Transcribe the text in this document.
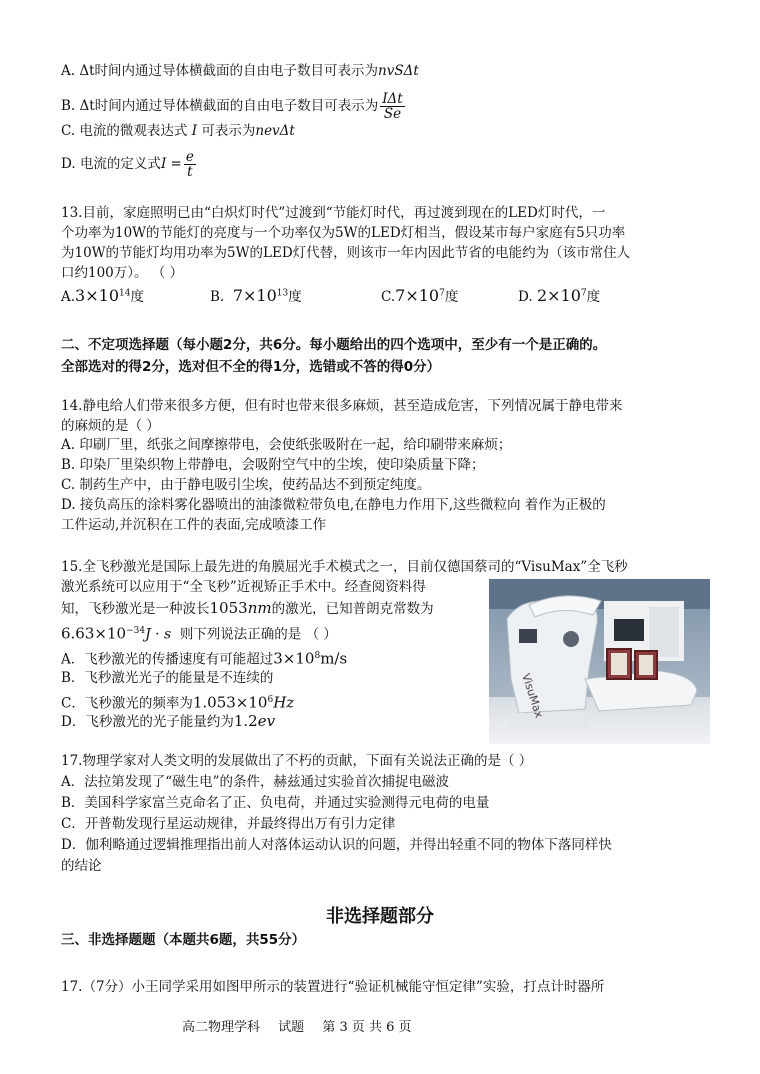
A. Δt时间内通过导体横截面的自由电子数目可表示为nvSΔt
B. Δt时间内通过导体横截面的自由电子数目可表示为 $\frac{\text{IΔt}}{Se}$
C. 电流的微观表达式 I 可表示为nevΔt
D. 电流的定义式$I = \frac{e}{t}$
13.目前，家庭照明已由“白炽灯时代”过渡到“节能灯时代，再过渡到现在的LED灯时代，一
个功率为10W的节能灯的亮度与一个功率仅为5W的LED灯相当，假设某市每户家庭有5只功率
为10W的节能灯均用功率为5W的LED灯代替，则该市一年内因此节省的电能约为（该市常住人
口约100万）。 （ ）
$A.3\times 10^{14}$度	B. $7\times 10^{13}$度	$C.7\times 10^7$度	D. $2\times 10^7$度
二、不定项选择题（每小题2分，共6分。每小题给出的四个选项中，至少有一个是正确的。
全部选对的得2分，选对但不全的得1分，选错或不答的得0分）
14.静电给人们带来很多方便，但有时也带来很多麻烦，甚至造成危害，下列情况属于静电带来
的麻烦的是（ ）
A. 印刷厂里，纸张之间摩擦带电，会使纸张吸附在一起，给印刷带来麻烦；
B. 印染厂里染织物上带静电，会吸附空气中的尘埃，使印染质量下降；
C. 制药生产中，由于静电吸引尘埃，使药品达不到预定纯度。
D. 接负高压的涂料雾化器喷出的油漆微粒带负电,在静电力作用下,这些微粒向 着作为正极的
工件运动,并沉积在工件的表面,完成喷漆工作
15.全飞秒激光是国际上最先进的角膜屈光手术模式之一，目前仅德国蔡司的“VisuMax”全飞秒
激光系统可以应用于“全飞秒”近视矫正手术中。经查阅资料得
知，飞秒激光是一种波长1053nm的激光，已知普朗克常数为
$6.63\times 10^{-34}J \cdot s$ 则下列说法正确的是 （ ）
A．飞秒激光的传播速度有可能超过$3\times 10^8m/s$
B．飞秒激光光子的能量是不连续的
C．飞秒激光的频率为$1.053\times 10^6Hz$
D．飞秒激光的光子能量约为1.2ev
VisuMax
17.物理学家对人类文明的发展做出了不朽的贡献，下面有关说法正确的是（ ）
A．法拉第发现了“磁生电”的条件，赫兹通过实验首次捕捉电磁波
B．美国科学家富兰克命名了正、负电荷，并通过实验测得元电荷的电量
C．开普勒发现行星运动规律，并最终得出万有引力定律
D．伽利略通过逻辑推理指出前人对落体运动认识的问题，并得出轻重不同的物体下落同样快
的结论
非选择题部分
三、非选择题题（本题共6题，共55分）
17.（7分）小王同学采用如图甲所示的装置进行“验证机械能守恒定律”实验，打点计时器所
高二物理学科 试题 第 3 页 共 6 页
